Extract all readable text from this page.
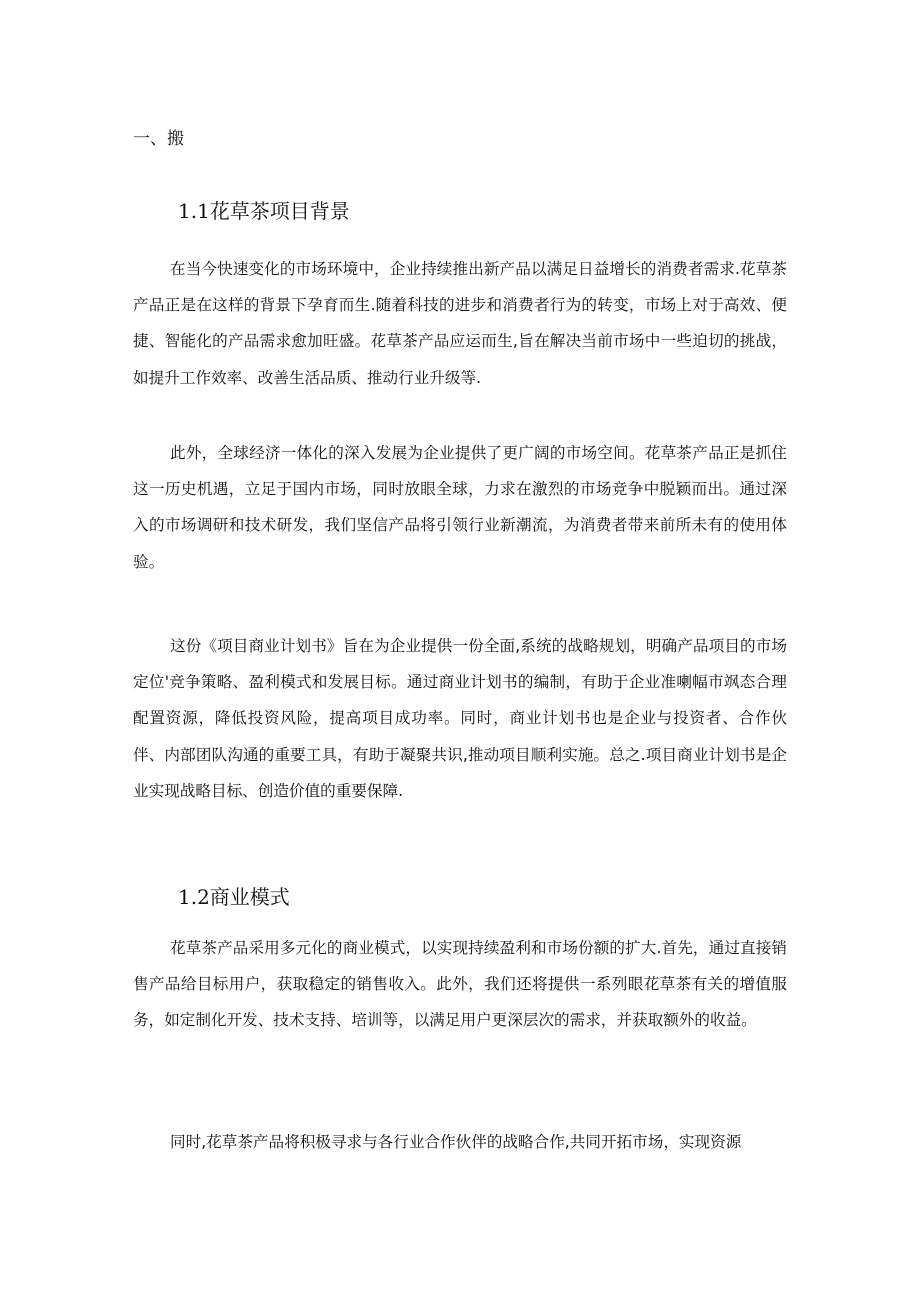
一、搬
1.1花草茶项目背景

在当今快速变化的市场环境中，企业持续推出新产品以满足日益增长的消费者需求.花草茶产品正是在这样的背景下孕育而生.随着科技的进步和消费者行为的转变，市场上对于高效、便捷、智能化的产品需求愈加旺盛。花草茶产品应运而生,旨在解决当前市场中一些迫切的挑战，如提升工作效率、改善生活品质、推动行业升级等.

此外，全球经济一体化的深入发展为企业提供了更广阔的市场空间。花草茶产品正是抓住这一历史机遇，立足于国内市场，同时放眼全球，力求在激烈的市场竞争中脱颖而出。通过深入的市场调研和技术研发，我们坚信产品将引领行业新潮流，为消费者带来前所未有的使用体验。

这份《项目商业计划书》旨在为企业提供一份全面,系统的战略规划，明确产品项目的市场定位'竞争策略、盈利模式和发展目标。通过商业计划书的编制，有助于企业准喇幅市飒态合理配置资源，降低投资风险，提高项目成功率。同时，商业计划书也是企业与投资者、合作伙伴、内部团队沟通的重要工具，有助于凝聚共识,推动项目顺利实施。总之.项目商业计划书是企业实现战略目标、创造价值的重要保障.

1.2商业模式

花草茶产品采用多元化的商业模式，以实现持续盈利和市场份额的扩大.首先，通过直接销售产品给目标用户，获取稳定的销售收入。此外，我们还将提供一系列眼花草茶有关的增值服务，如定制化开发、技术支持、培训等，以满足用户更深层次的需求，并获取额外的收益。

同时,花草茶产品将积极寻求与各行业合作伙伴的战略合作,共同开拓市场，实现资源
